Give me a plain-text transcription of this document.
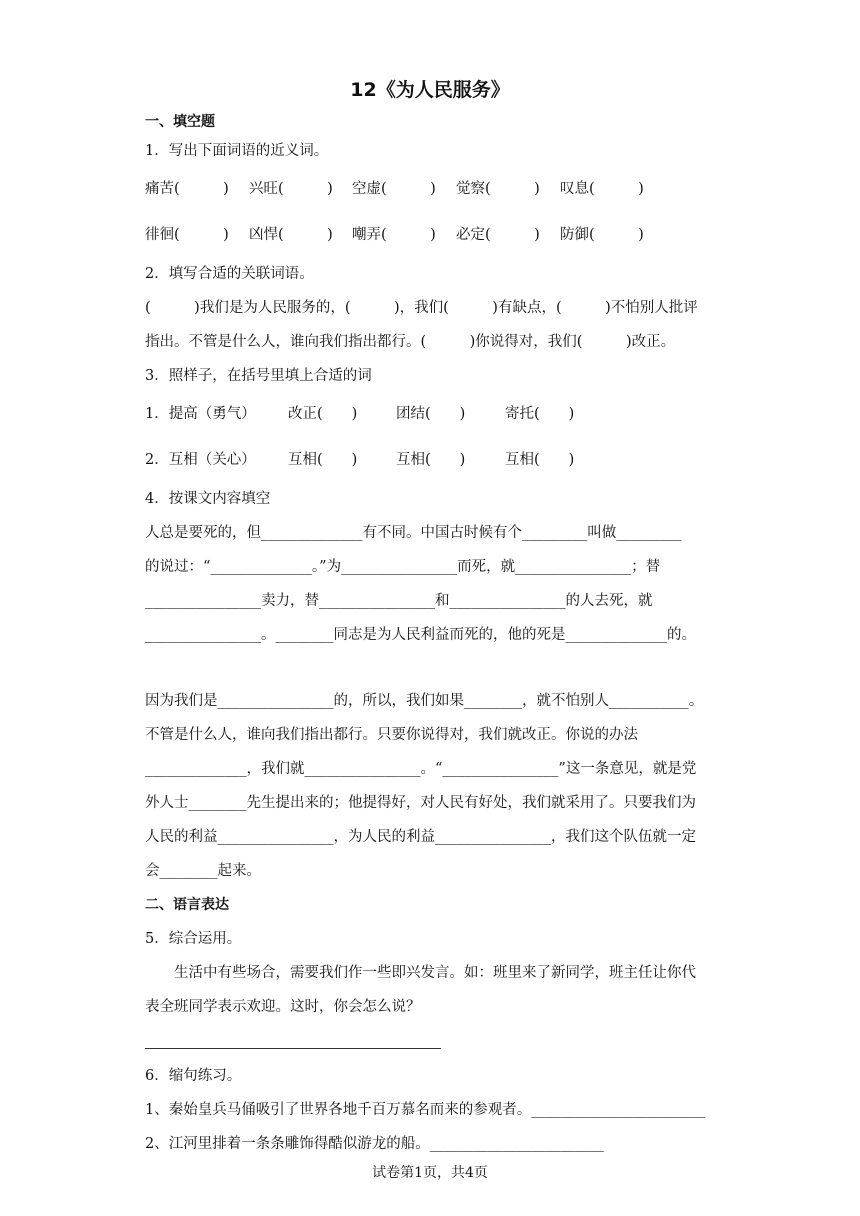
12《为人民服务》
一、填空题
1．写出下面词语的近义词。
痛苦(　　　) 兴旺(　　　) 空虚(　　　) 觉察(　　　) 叹息(　　　)
徘徊(　　　) 凶悍(　　　) 嘲弄(　　　) 必定(　　　) 防御(　　　)
2．填写合适的关联词语。
(　　　)我们是为人民服务的，(　　　)，我们(　　　)有缺点，(　　　)不怕别人批评
指出。不管是什么人，谁向我们指出都行。(　　　)你说得对，我们(　　　)改正。
3．照样子，在括号里填上合适的词
1．提高（勇气） 改正(　　)	团结(　　)	寄托(　　)
2．互相（关心） 互相(　　)	互相(　　)	互相(　　)
4．按课文内容填空
人总是要死的，但______________有不同。中国古时候有个_________叫做_________
的说过：“______________。”为________________而死，就________________；替
________________卖力，替________________和________________的人去死，就
________________。________同志是为人民利益而死的，他的死是______________的。
因为我们是________________的，所以，我们如果________，就不怕别人___________。
不管是什么人，谁向我们指出都行。只要你说得对，我们就改正。你说的办法
______________，我们就________________。“________________”这一条意见，就是党
外人士________先生提出来的；他提得好，对人民有好处，我们就采用了。只要我们为
人民的利益________________，为人民的利益________________，我们这个队伍就一定
会________起来。
二、语言表达
5．综合运用。
生活中有些场合，需要我们作一些即兴发言。如：班里来了新同学，班主任让你代
表全班同学表示欢迎。这时，你会怎么说？
6．缩句练习。
1、秦始皇兵马俑吸引了世界各地千百万慕名而来的参观者。________________________
2、江河里排着一条条雕饰得酷似游龙的船。________________________
试卷第1页，共4页
